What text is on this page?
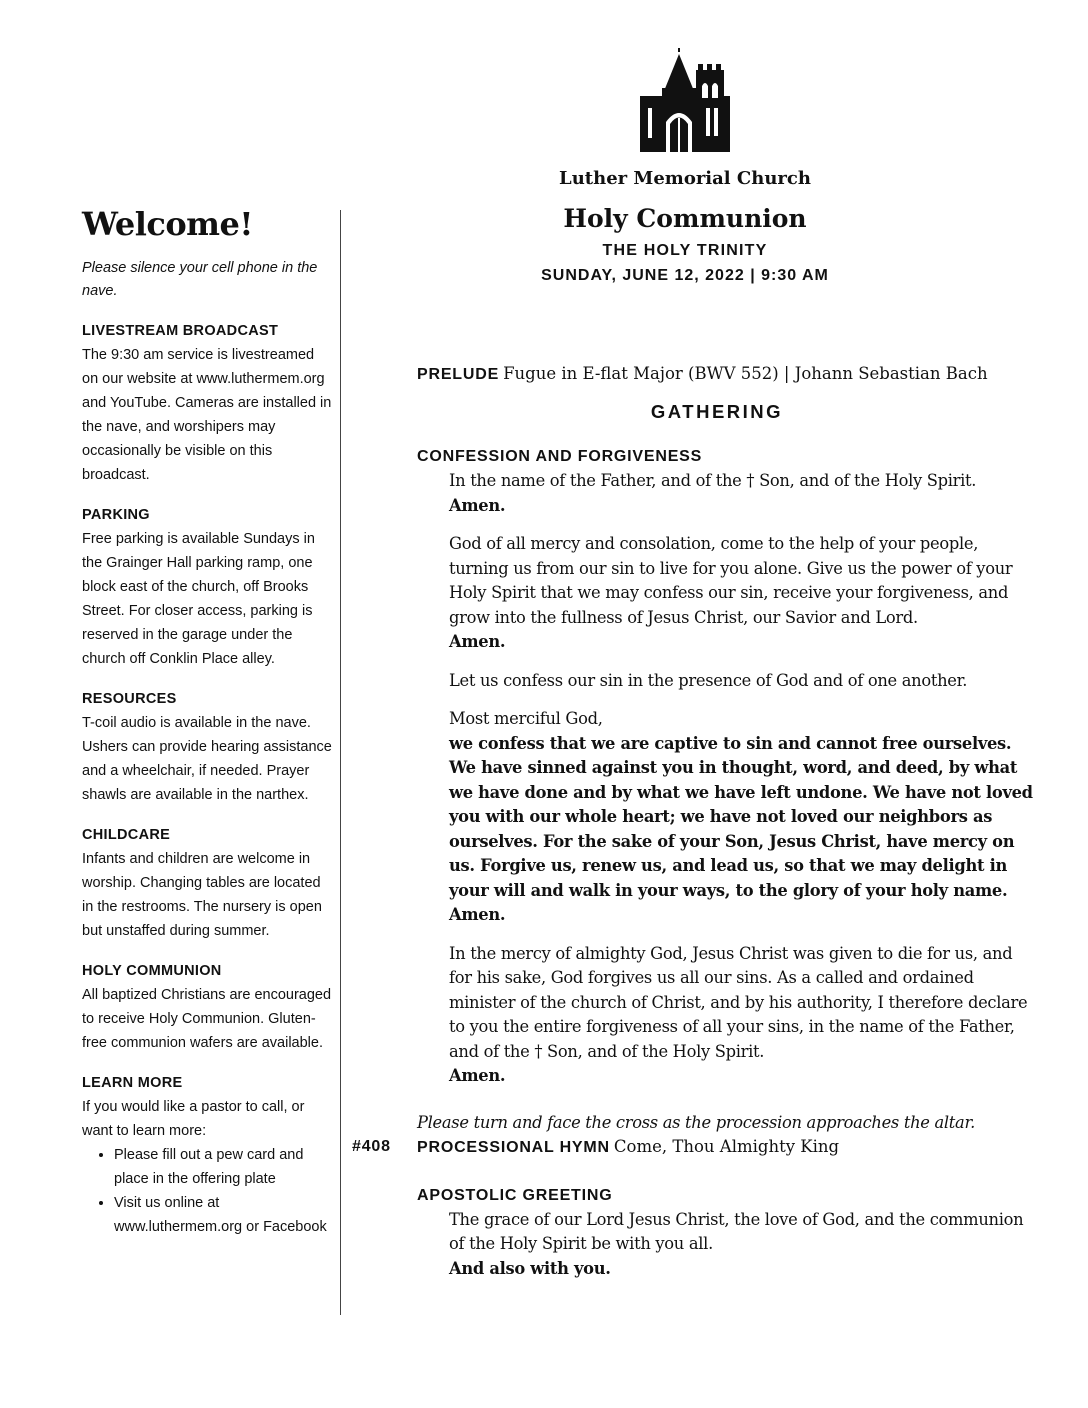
Welcome!

Please silence your cell phone in the nave.

LIVESTREAM BROADCAST
The 9:30 am service is livestreamed on our website at www.luthermem.org and YouTube. Cameras are installed in the nave, and worshipers may occasionally be visible on this broadcast.
PARKING
Free parking is available Sundays in the Grainger Hall parking ramp, one block east of the church, off Brooks Street. For closer access, parking is reserved in the garage under the church off Conklin Place alley.
RESOURCES
T-coil audio is available in the nave. Ushers can provide hearing assistance and a wheelchair, if needed. Prayer shawls are available in the narthex.
CHILDCARE
Infants and children are welcome in worship. Changing tables are located in the restrooms. The nursery is open but unstaffed during summer.
HOLY COMMUNION
All baptized Christians are encouraged to receive Holy Communion. Gluten-free communion wafers are available.
LEARN MORE
If you would like a pastor to call, or want to learn more:
• Please fill out a pew card and place in the offering plate
• Visit us online at www.luthermem.org or Facebook
Luther Memorial Church
Holy Communion
THE HOLY TRINITY
SUNDAY, JUNE 12, 2022 | 9:30 AM
PRELUDE Fugue in E-flat Major (BWV 552) | Johann Sebastian Bach
GATHERING
CONFESSION AND FORGIVENESS
In the name of the Father, and of the † Son, and of the Holy Spirit.
Amen.
God of all mercy and consolation, come to the help of your people, turning us from our sin to live for you alone. Give us the power of your Holy Spirit that we may confess our sin, receive your forgiveness, and grow into the fullness of Jesus Christ, our Savior and Lord.
Amen.
Let us confess our sin in the presence of God and of one another.
Most merciful God,
we confess that we are captive to sin and cannot free ourselves. We have sinned against you in thought, word, and deed, by what we have done and by what we have left undone. We have not loved you with our whole heart; we have not loved our neighbors as ourselves. For the sake of your Son, Jesus Christ, have mercy on us. Forgive us, renew us, and lead us, so that we may delight in your will and walk in your ways, to the glory of your holy name.
Amen.
In the mercy of almighty God, Jesus Christ was given to die for us, and for his sake, God forgives us all our sins. As a called and ordained minister of the church of Christ, and by his authority, I therefore declare to you the entire forgiveness of all your sins, in the name of the Father, and of the † Son, and of the Holy Spirit.
Amen.
Please turn and face the cross as the procession approaches the altar.
#408 PROCESSIONAL HYMN Come, Thou Almighty King
APOSTOLIC GREETING
The grace of our Lord Jesus Christ, the love of God, and the communion of the Holy Spirit be with you all.
And also with you.
